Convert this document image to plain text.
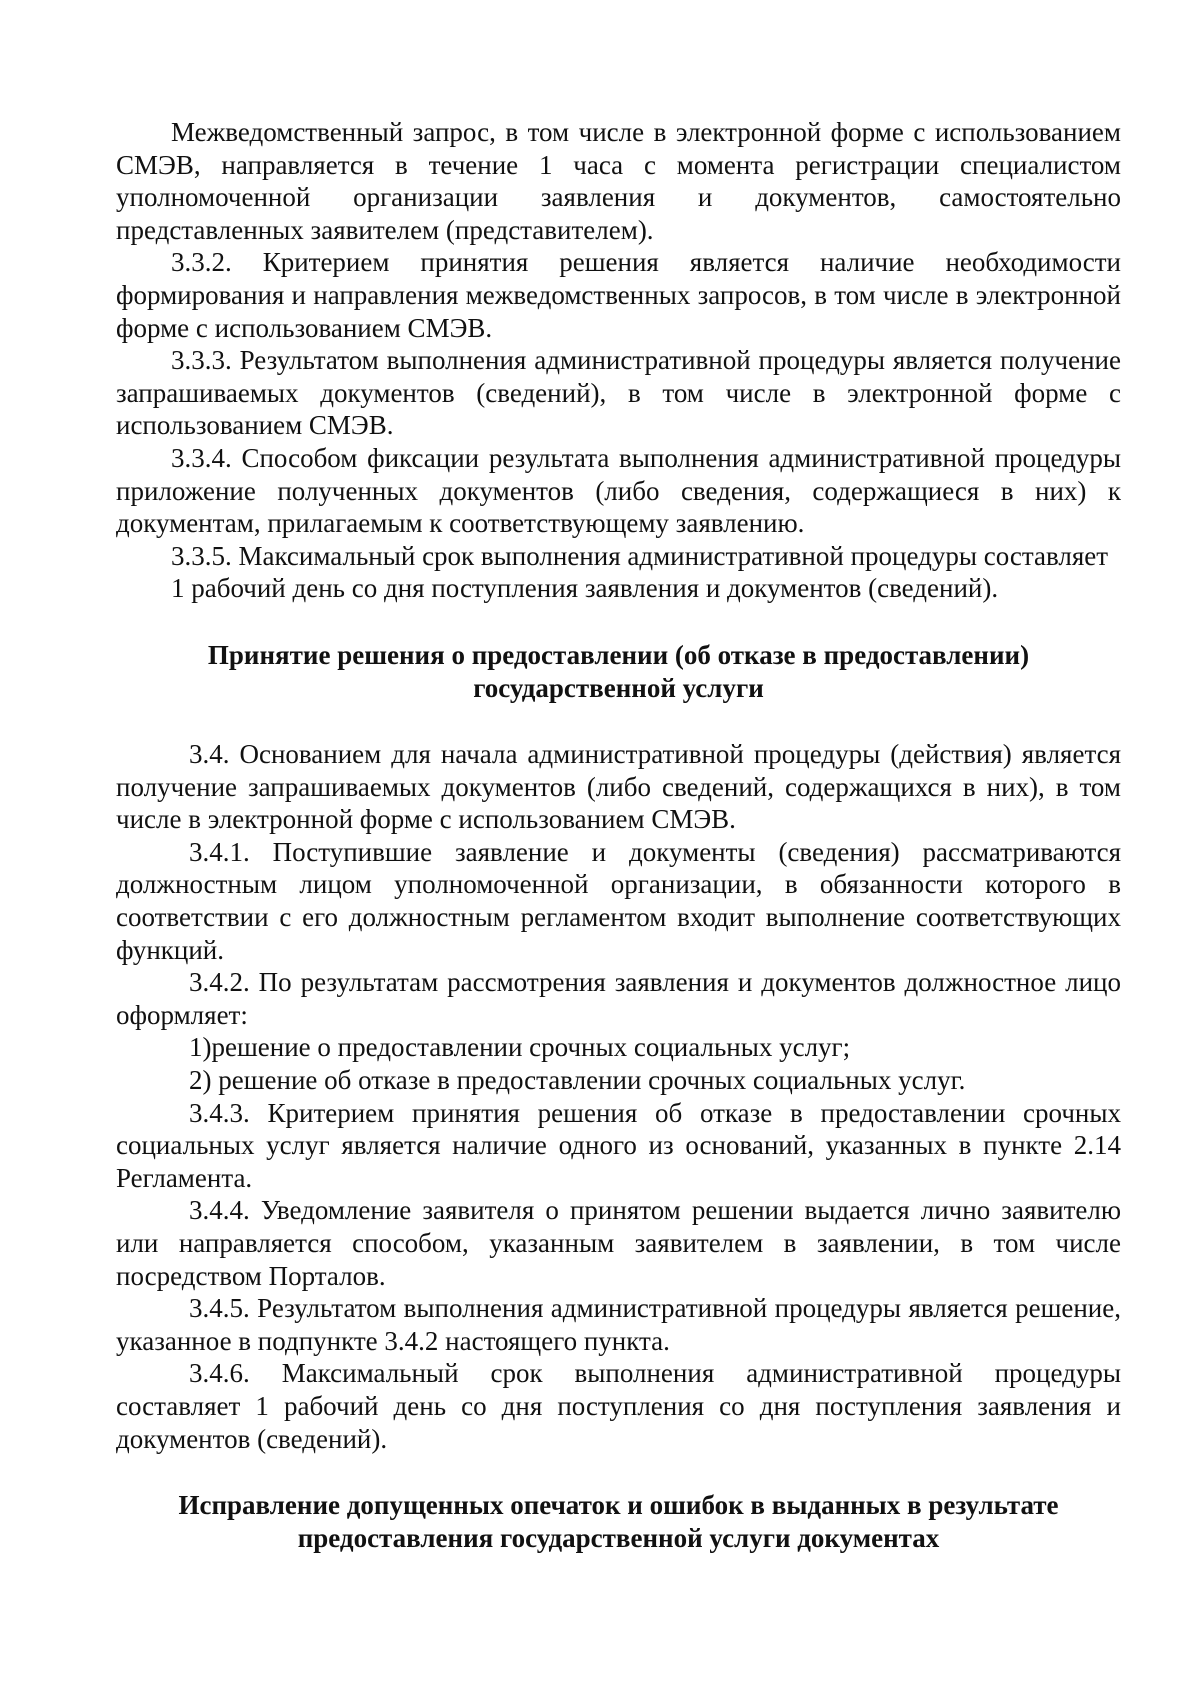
Межведомственный запрос, в том числе в электронной форме с использованием СМЭВ, направляется в течение 1 часа с момента регистрации специалистом уполномоченной организации заявления и документов, самостоятельно представленных заявителем (представителем).

3.3.2. Критерием принятия решения является наличие необходимости формирования и направления межведомственных запросов, в том числе в электронной форме с использованием СМЭВ.

3.3.3. Результатом выполнения административной процедуры является получение запрашиваемых документов (сведений), в том числе в электронной форме с использованием СМЭВ.

3.3.4. Способом фиксации результата выполнения административной процедуры приложение полученных документов (либо сведения, содержащиеся в них) к документам, прилагаемым к соответствующему заявлению.

3.3.5. Максимальный срок выполнения административной процедуры составляет

1 рабочий день со дня поступления заявления и документов (сведений).

Принятие решения о предоставлении (об отказе в предоставлении)
государственной услуги

3.4. Основанием для начала административной процедуры (действия) является получение запрашиваемых документов (либо сведений, содержащихся в них), в том числе в электронной форме с использованием СМЭВ.

3.4.1. Поступившие заявление и документы (сведения) рассматриваются должностным лицом уполномоченной организации, в обязанности которого в соответствии с его должностным регламентом входит выполнение соответствующих функций.

3.4.2. По результатам рассмотрения заявления и документов должностное лицо оформляет:

1)решение о предоставлении срочных социальных услуг;

2) решение об отказе в предоставлении срочных социальных услуг.

3.4.3. Критерием принятия решения об отказе в предоставлении срочных социальных услуг является наличие одного из оснований, указанных в пункте 2.14 Регламента.

3.4.4. Уведомление заявителя о принятом решении выдается лично заявителю или направляется способом, указанным заявителем в заявлении, в том числе посредством Порталов.

3.4.5. Результатом выполнения административной процедуры является решение, указанное в подпункте 3.4.2 настоящего пункта.

3.4.6. Максимальный срок выполнения административной процедуры составляет 1 рабочий день со дня поступления со дня поступления заявления и документов (сведений).

Исправление допущенных опечаток и ошибок в выданных в результате
предоставления государственной услуги документах
